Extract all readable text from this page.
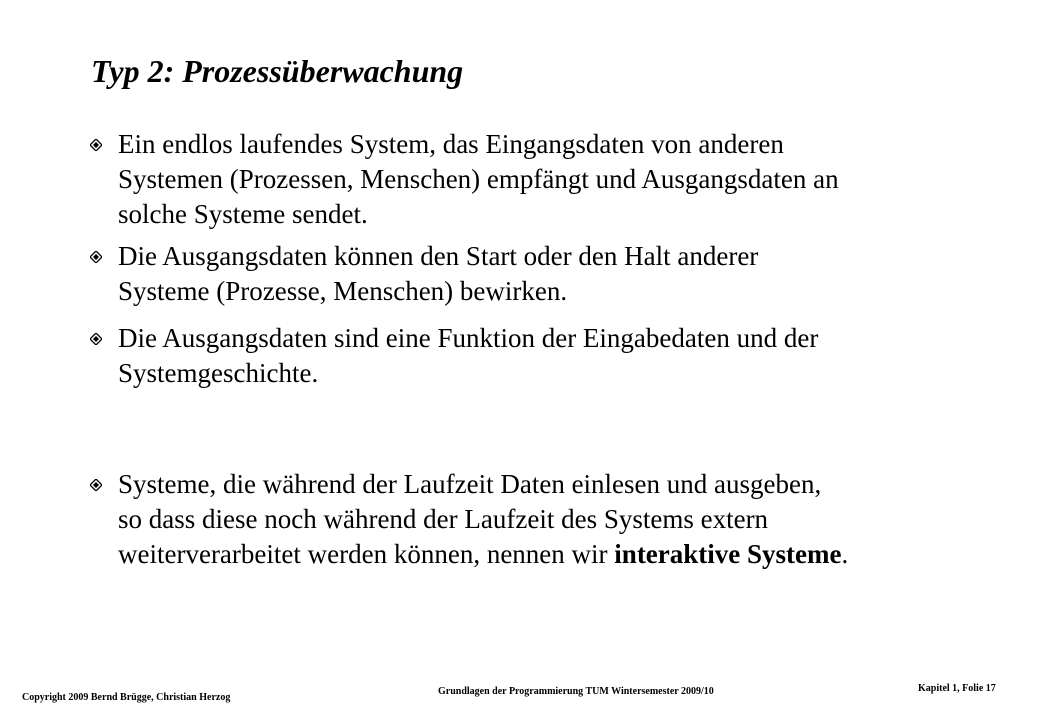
Typ 2: Prozessüberwachung
Ein endlos laufendes System, das Eingangsdaten von anderen
Systemen (Prozessen, Menschen) empfängt und Ausgangsdaten an
solche Systeme sendet.
Die Ausgangsdaten können den Start oder den Halt anderer
Systeme (Prozesse, Menschen) bewirken.
Die Ausgangsdaten sind eine Funktion der Eingabedaten und der
Systemgeschichte.
Systeme, die während der Laufzeit Daten einlesen und ausgeben,
so dass diese noch während der Laufzeit des Systems extern
weiterverarbeitet werden können, nennen wir interaktive Systeme.
Copyright 2009 Bernd Brügge, Christian Herzog
Grundlagen der Programmierung TUM Wintersemester 2009/10	Kapitel 1, Folie 17
